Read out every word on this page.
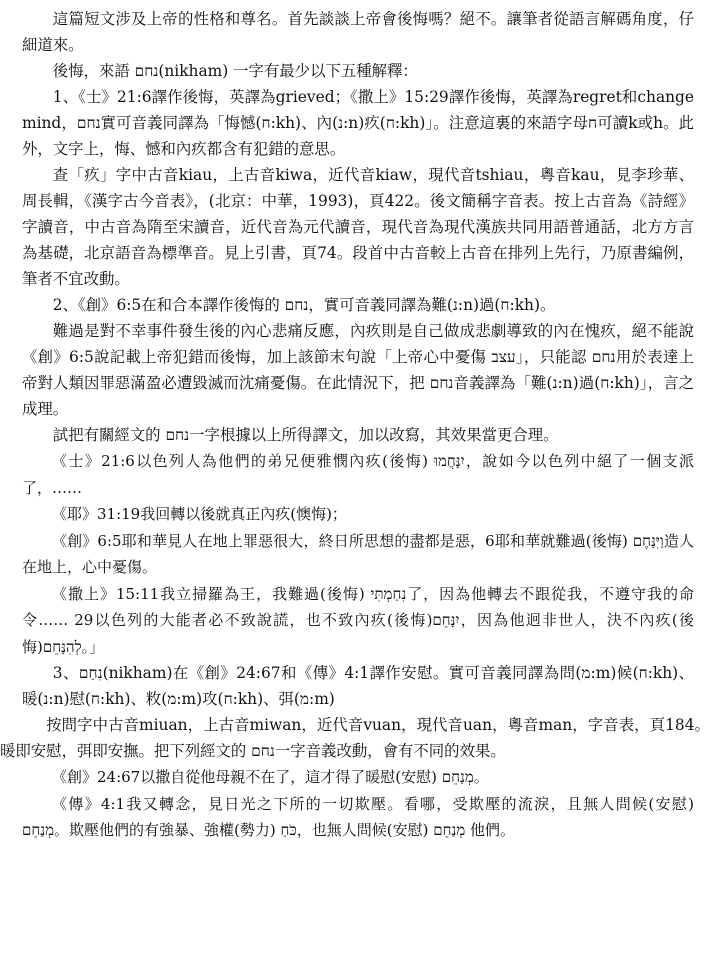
這篇短文涉及上帝的性格和尊名。首先談談上帝會後悔嗎？絕不。讓筆者從語言解碼角度，仔細道來。

後悔，來語 נחם(nikham) 一字有最少以下五種解釋：

1、《士》21:6譯作後悔，英譯為grieved；《撒上》15:29譯作後悔，英譯為regret和change mind，נחם實可音義同譯為「悔憾(ח:kh)、內(נ:n)疚(ח:kh)」。注意這裏的來語字母ח可讀k或h。此外，文字上，悔、憾和內疚都含有犯錯的意思。

查「疚」字中古音kiau，上古音kiwa，近代音kiaw，現代音tshiau，粵音kau，見李珍華、周長輯，《漢字古今音表》，(北京：中華，1993)，頁422。後文簡稱字音表。按上古音為《詩經》字讀音，中古音為隋至宋讀音，近代音為元代讀音，現代音為現代漢族共同用語普通話，北方方言為基礎，北京語音為標準音。見上引書，頁74。段首中古音較上古音在排列上先行，乃原書編例，筆者不宜改動。

2、《創》6:5在和合本譯作後悔的 נחם，實可音義同譯為難(נ:n)過(ח:kh)。

難過是對不幸事件發生後的內心悲痛反應，內疚則是自己做成悲劇導致的內在愧疚，絕不能說《創》6:5說記載上帝犯錯而後悔，加上該節末句說「上帝心中憂傷 עצב」，只能認 נחם用於表達上帝對人類因罪惡滿盈必遭毀滅而沈痛憂傷。在此情況下，把 נחם音義譯為「難(נ:n)過(ח:kh)」，言之成理。

試把有關經文的 נחם一字根據以上所得譯文，加以改寫，其效果當更合理。

《士》21:6以色列人為他們的弟兄便雅憫內疚(後悔) יִנָּחֲמוּ，說如今以色列中絕了一個支派了，……

《耶》31:19我回轉以後就真正內疚(懊悔)；

《創》6:5耶和華見人在地上罪惡很大，終日所思想的盡都是惡，6耶和華就難過(後悔) וַיִּנָּחֶם造人在地上，心中憂傷。

《撒上》15:11我立掃羅為王，我難過(後悔) נִחַמְתִּי了，因為他轉去不跟從我，不遵守我的命令…… 29以色列的大能者必不致說謊，也不致內疚(後悔)יִנָּחֵם，因為他迥非世人，決不內疚(後悔)לְהִנָּחֵם。」

3、נִחַם(nikham)在《創》24:67和《傳》4:1譯作安慰。實可音義同譯為問(מ:m)候(ח:kh)、暖(נ:n)慰(ח:kh)、敉(מ:m)攻(ח:kh)、弭(מ:m)

按問字中古音miuan，上古音miwan，近代音vuan，現代音uan，粵音man，字音表，頁184。暖即安慰，弭即安撫。把下列經文的 נחם一字音義改動，會有不同的效果。

《創》24:67以撒自從他母親不在了，這才得了暖慰(安慰) מְנַחֵם。

《傳》4:1我又轉念，見日光之下所的一切欺壓。看哪，受欺壓的流淚，且無人問候(安慰) מְנַחֵם。欺壓他們的有強暴、強權(勢力) כֹּחַ，也無人問候(安慰) מְנַחֵם 他們。
